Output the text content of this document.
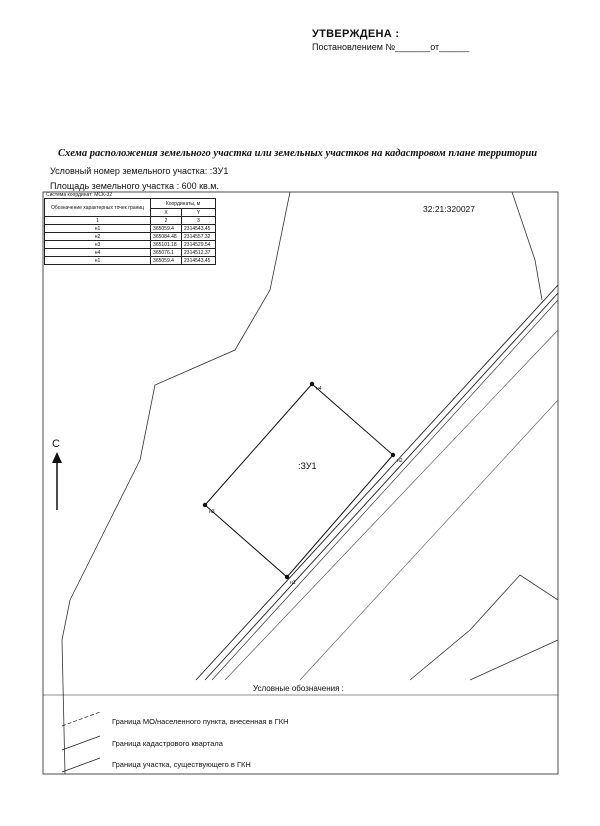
УТВЕРЖДЕНА :
Постановлением №_______от______
Схема расположения земельного участка или земельных участков на кадастровом плане территории
Условный номер земельного участка: :ЗУ1
Площадь земельного участка : 600 кв.м.
Система координат: МСК-32
Обозначение характерных точек границ	Координаты, м	
	X	Y
1	2	3
н1	365059.4	2314543.45
н2	365084.48	2314557.32
н3	365101.18	2314529.54
н4	365076.1	2314512.37
н1	365059.4	2314543.45
32:21:320027
:ЗУ1
н4
н2
н1
н3
С
Условные обозначения :
Граница МО/населенного пункта, внесенная в ГКН
Граница кадастрового квартала
Граница участка, существующего в ГКН
